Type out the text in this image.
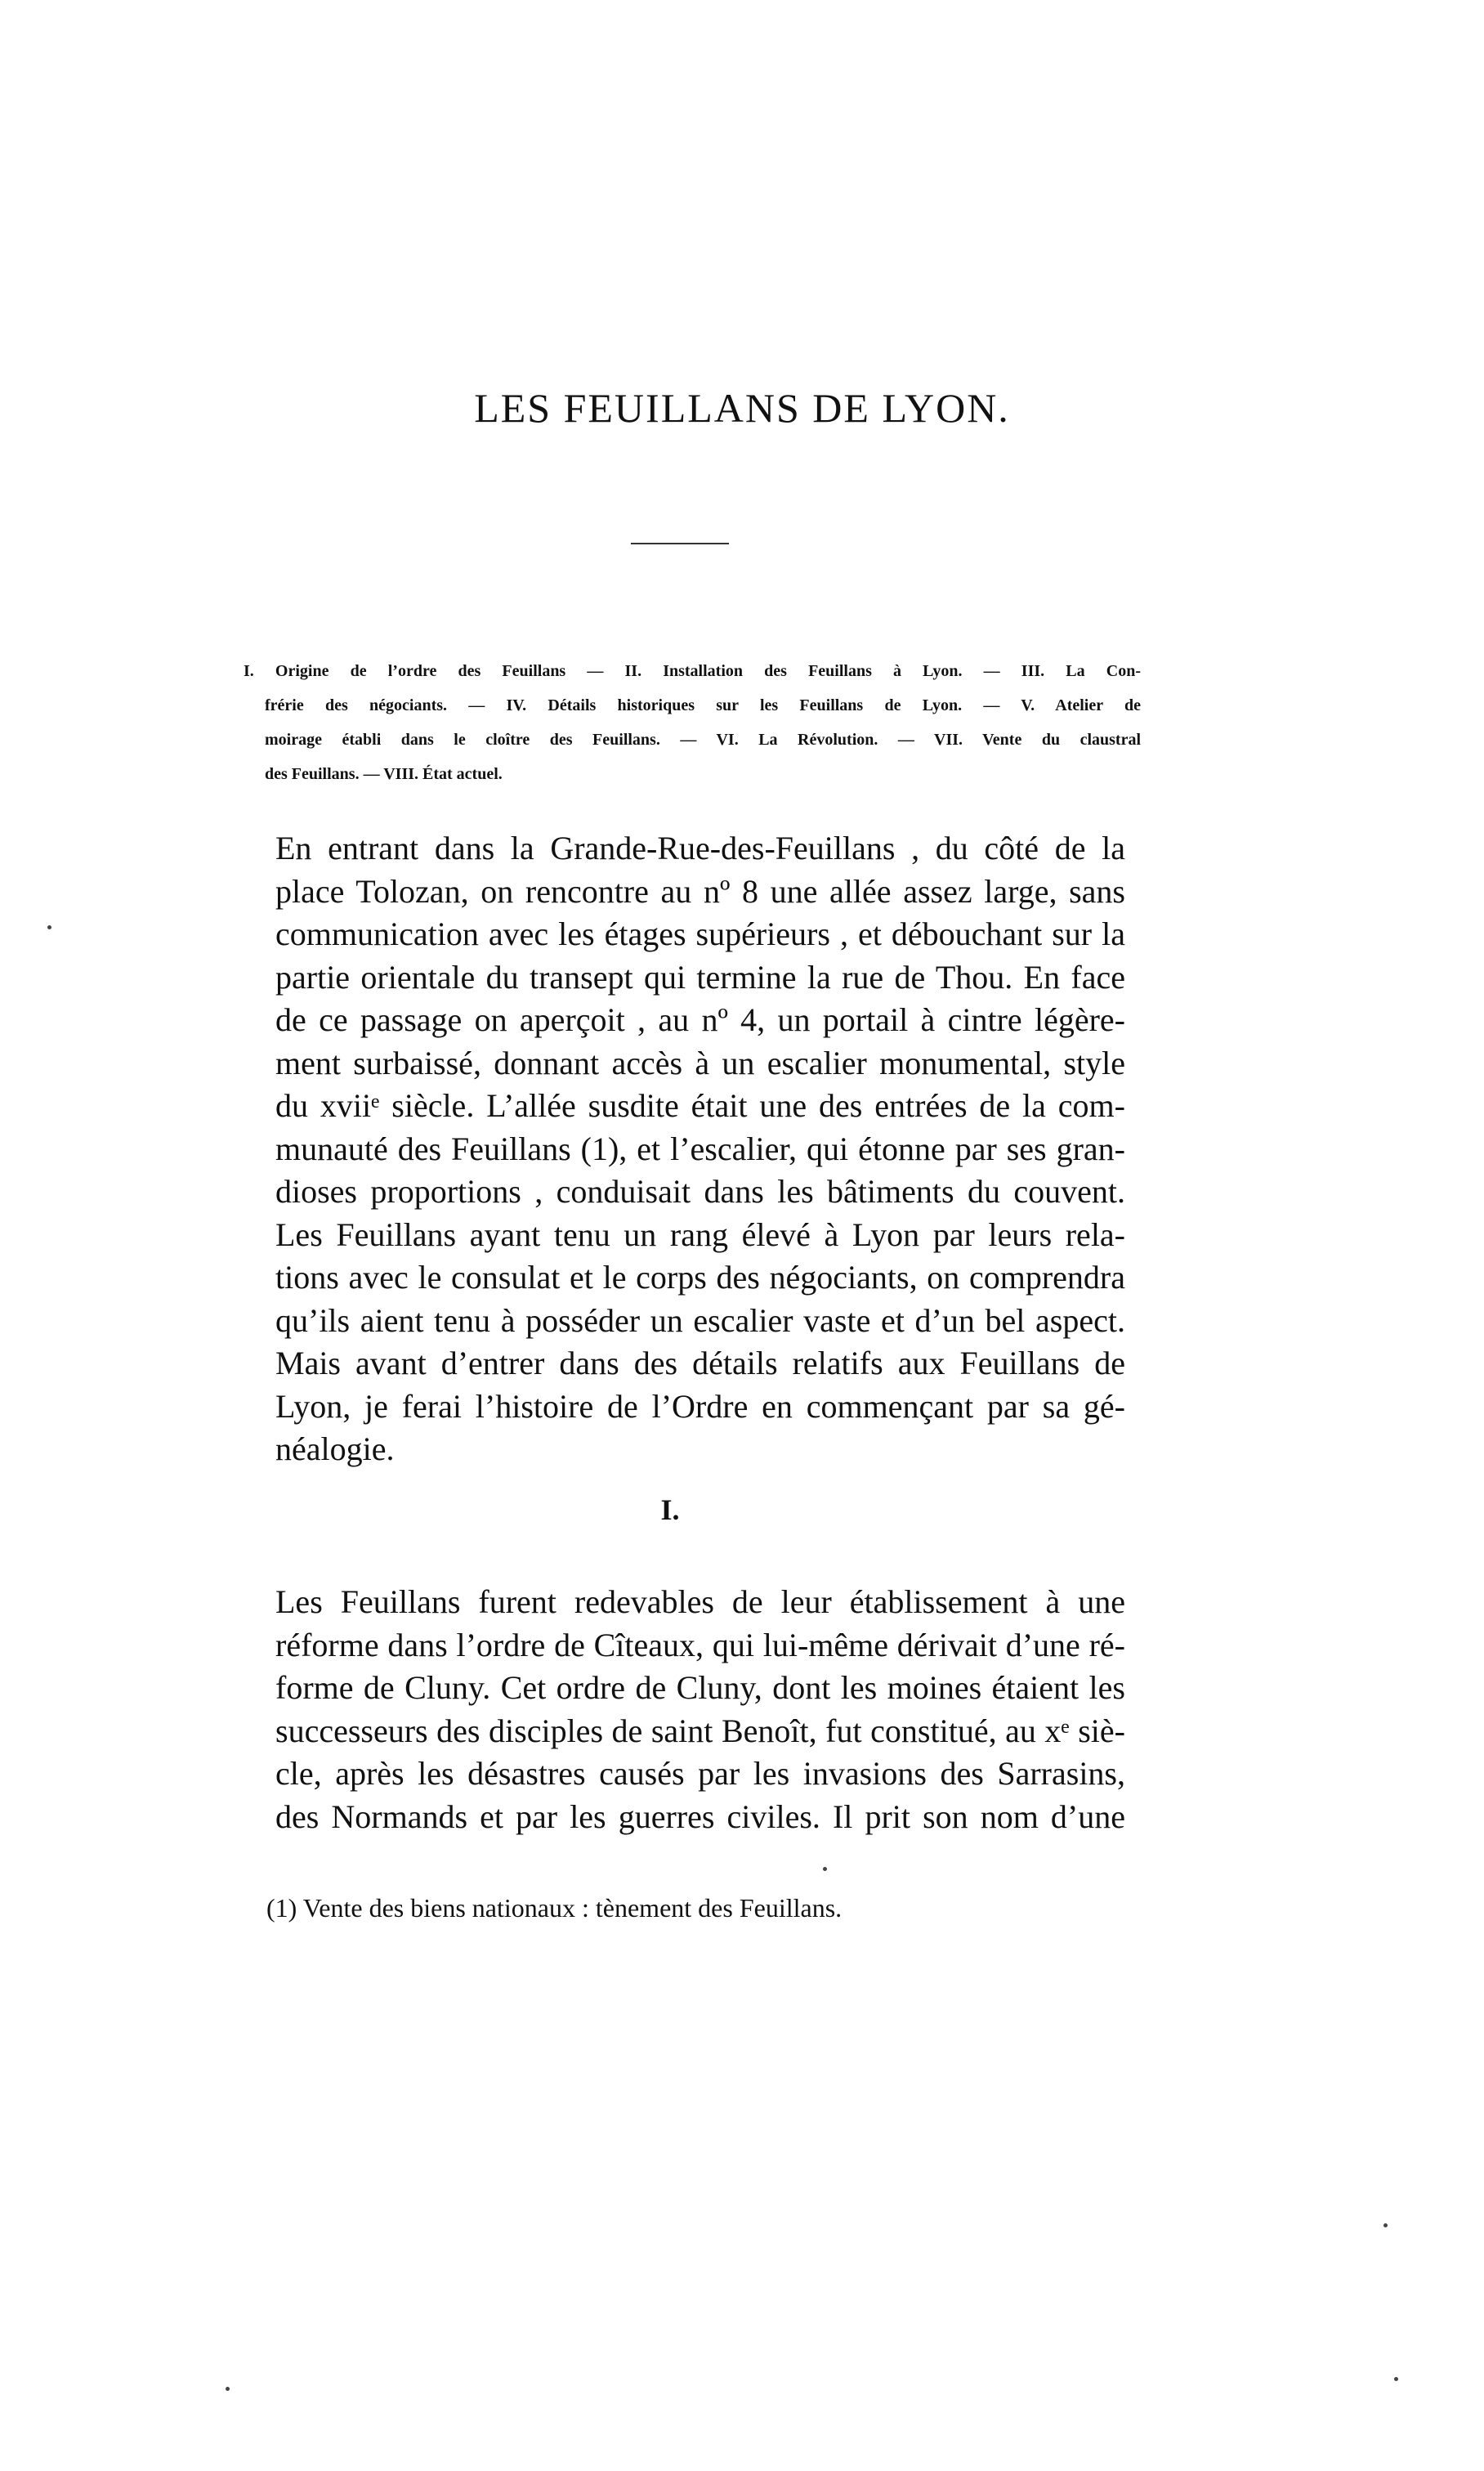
LES FEUILLANS DE LYON.
I. Origine de l’ordre des Feuillans — II. Installation des Feuillans à Lyon. — III. La Con-
frérie des négociants. — IV. Détails historiques sur les Feuillans de Lyon. — V. Atelier de
moirage établi dans le cloître des Feuillans. — VI. La Révolution. — VII. Vente du claustral
des Feuillans. — VIII. État actuel.
En entrant dans la Grande-Rue-des-Feuillans , du côté de la
place Tolozan, on rencontre au nº 8 une allée assez large, sans
communication avec les étages supérieurs , et débouchant sur la
partie orientale du transept qui termine la rue de Thou. En face
de ce passage on aperçoit , au nº 4, un portail à cintre légère-
ment surbaissé, donnant accès à un escalier monumental, style
du xviiᵉ siècle. L’allée susdite était une des entrées de la com-
munauté des Feuillans (1), et l’escalier, qui étonne par ses gran-
dioses proportions , conduisait dans les bâtiments du couvent.
Les Feuillans ayant tenu un rang élevé à Lyon par leurs rela-
tions avec le consulat et le corps des négociants, on comprendra
qu’ils aient tenu à posséder un escalier vaste et d’un bel aspect.
Mais avant d’entrer dans des détails relatifs aux Feuillans de
Lyon, je ferai l’histoire de l’Ordre en commençant par sa gé-
néalogie.
I.
Les Feuillans furent redevables de leur établissement à une
réforme dans l’ordre de Cîteaux, qui lui-même dérivait d’une ré-
forme de Cluny. Cet ordre de Cluny, dont les moines étaient les
successeurs des disciples de saint Benoît, fut constitué, au xᵉ siè-
cle, après les désastres causés par les invasions des Sarrasins,
des Normands et par les guerres civiles. Il prit son nom d’une
(1) Vente des biens nationaux : tènement des Feuillans.
